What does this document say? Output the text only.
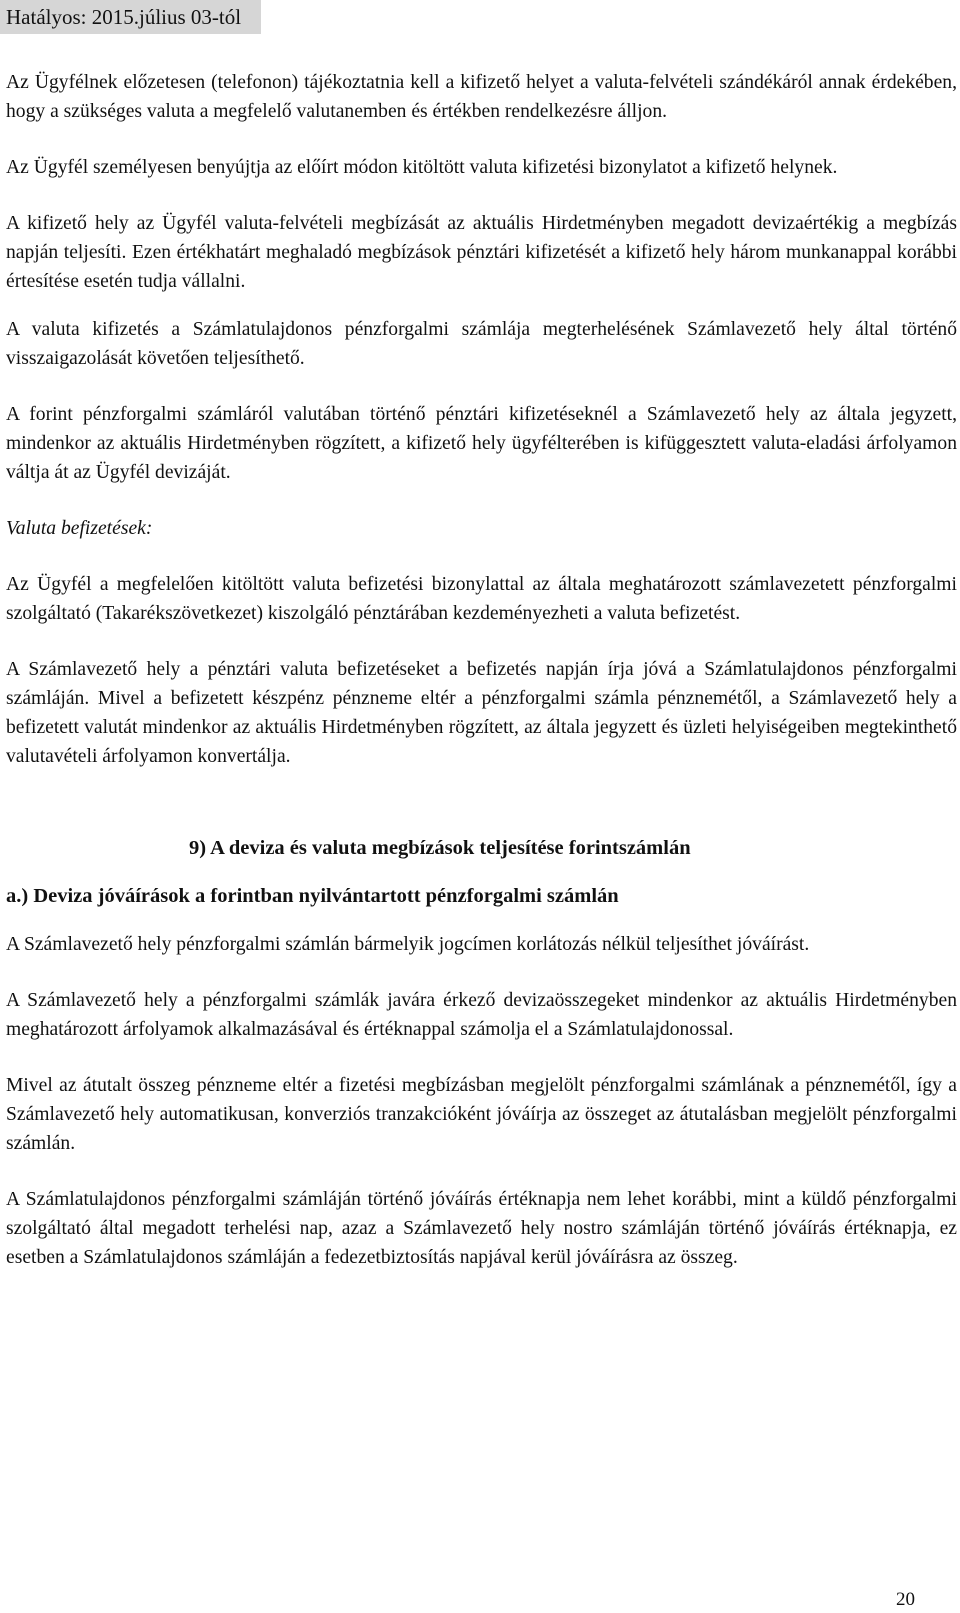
Hatályos: 2015.július 03-tól

Az Ügyfélnek előzetesen (telefonon) tájékoztatnia kell a kifizető helyet a valuta-felvételi szándékáról annak érdekében, hogy a szükséges valuta a megfelelő valutanemben és értékben rendelkezésre álljon.

Az Ügyfél személyesen benyújtja az előírt módon kitöltött valuta kifizetési bizonylatot a kifizető helynek.

A kifizető hely az Ügyfél valuta-felvételi megbízását az aktuális Hirdetményben megadott devizaértékig a megbízás napján teljesíti. Ezen értékhatárt meghaladó megbízások pénztári kifizetését a kifizető hely három munkanappal korábbi értesítése esetén tudja vállalni.

A valuta kifizetés a Számlatulajdonos pénzforgalmi számlája megterhelésének Számlavezető hely által történő visszaigazolását követően teljesíthető.

A forint pénzforgalmi számláról valutában történő pénztári kifizetéseknél a Számlavezető hely az általa jegyzett, mindenkor az aktuális Hirdetményben rögzített, a kifizető hely ügyfélterében is kifüggesztett valuta-eladási árfolyamon váltja át az Ügyfél devizáját.

Valuta befizetések:

Az Ügyfél a megfelelően kitöltött valuta befizetési bizonylattal az általa meghatározott számlavezetett pénzforgalmi szolgáltató (Takarékszövetkezet) kiszolgáló pénztárában kezdeményezheti a valuta befizetést.

A Számlavezető hely a pénztári valuta befizetéseket a befizetés napján írja jóvá a Számlatulajdonos pénzforgalmi számláján. Mivel a befizetett készpénz pénzneme eltér a pénzforgalmi számla pénznemétől, a Számlavezető hely a befizetett valutát mindenkor az aktuális Hirdetményben rögzített, az általa jegyzett és üzleti helyiségeiben megtekinthető valutavételi árfolyamon konvertálja.

9) A deviza és valuta megbízások teljesítése forintszámlán
a.) Deviza jóváírások a forintban nyilvántartott pénzforgalmi számlán

A Számlavezető hely pénzforgalmi számlán bármelyik jogcímen korlátozás nélkül teljesíthet jóváírást.

A Számlavezető hely a pénzforgalmi számlák javára érkező devizaösszegeket mindenkor az aktuális Hirdetményben meghatározott árfolyamok alkalmazásával és értéknappal számolja el a Számlatulajdonossal.

Mivel az átutalt összeg pénzneme eltér a fizetési megbízásban megjelölt pénzforgalmi számlának a pénznemétől, így a Számlavezető hely automatikusan, konverziós tranzakcióként jóváírja az összeget az átutalásban megjelölt pénzforgalmi számlán.

A Számlatulajdonos pénzforgalmi számláján történő jóváírás értéknapja nem lehet korábbi, mint a küldő pénzforgalmi szolgáltató által megadott terhelési nap, azaz a Számlavezető hely nostro számláján történő jóváírás értéknapja, ez esetben a Számlatulajdonos számláján a fedezetbiztosítás napjával kerül jóváírásra az összeg.

20
